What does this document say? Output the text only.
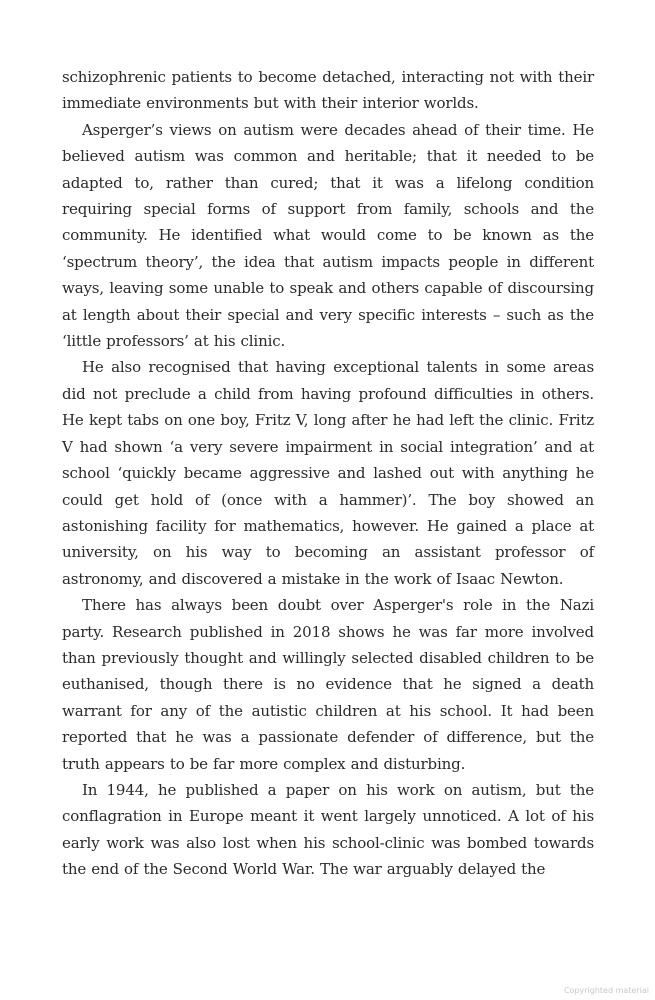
schizophrenic patients to become detached, interacting not with their immediate environments but with their interior worlds.

Asperger’s views on autism were decades ahead of their time. He believed autism was common and heritable; that it needed to be adapted to, rather than cured; that it was a lifelong condition requiring special forms of support from family, schools and the community. He identified what would come to be known as the ‘spectrum theory’, the idea that autism impacts people in different ways, leaving some unable to speak and others capable of discoursing at length about their special and very specific interests – such as the ‘little professors’ at his clinic.

He also recognised that having exceptional talents in some areas did not preclude a child from having profound difficulties in others. He kept tabs on one boy, Fritz V, long after he had left the clinic. Fritz V had shown ‘a very severe impairment in social integration’ and at school ‘quickly became aggressive and lashed out with anything he could get hold of (once with a hammer)’. The boy showed an astonishing facility for mathematics, however. He gained a place at university, on his way to becoming an assistant professor of astronomy, and discovered a mistake in the work of Isaac Newton.

There has always been doubt over Asperger's role in the Nazi party. Research published in 2018 shows he was far more involved than previously thought and willingly selected disabled children to be euthanised, though there is no evidence that he signed a death warrant for any of the autistic children at his school. It had been reported that he was a passionate defender of difference, but the truth appears to be far more complex and disturbing.

In 1944, he published a paper on his work on autism, but the conflagration in Europe meant it went largely unnoticed. A lot of his early work was also lost when his school-clinic was bombed towards the end of the Second World War. The war arguably delayed the

Copyrighted material
